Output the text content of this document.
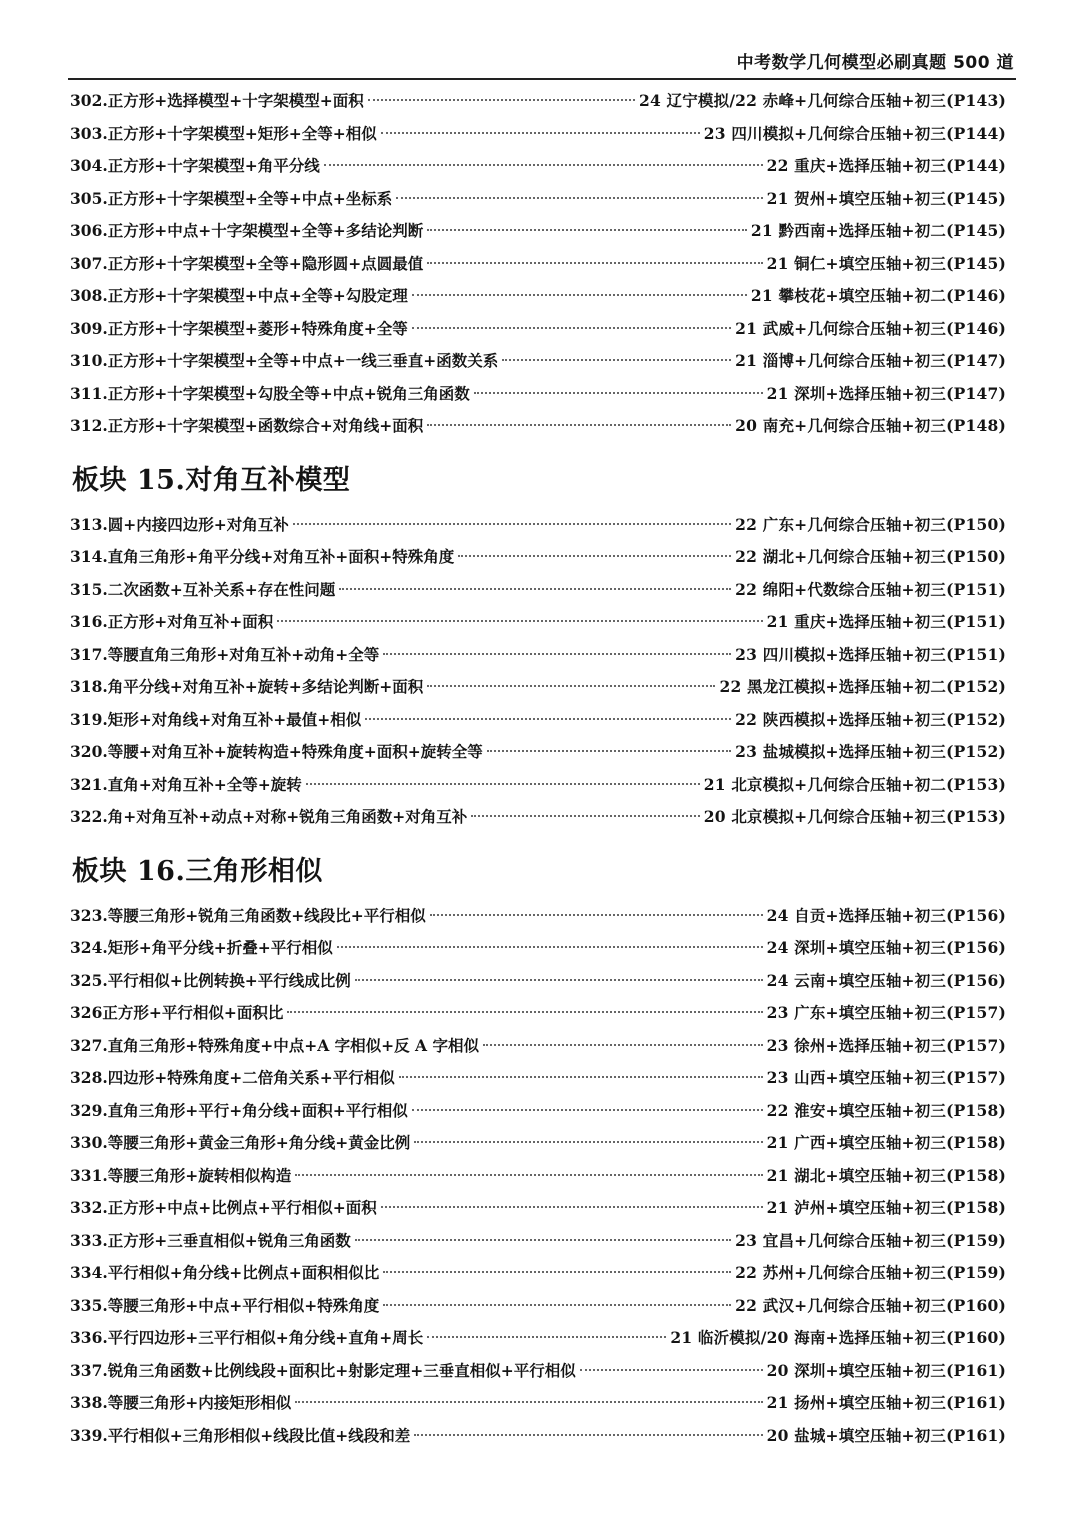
中考数学几何模型必刷真题 500 道
302. 正方形+选择模型+十字架模型+面积	24 辽宁模拟/22 赤峰+几何综合压轴+初三(P143)
303. 正方形+十字架模型+矩形+全等+相似	23 四川模拟+几何综合压轴+初三(P144)
304. 正方形+十字架模型+角平分线	22 重庆+选择压轴+初三(P144)
305. 正方形+十字架模型+全等+中点+坐标系	21 贺州+填空压轴+初三(P145)
306. 正方形+中点+十字架模型+全等+多结论判断	21 黔西南+选择压轴+初二(P145)
307. 正方形+十字架模型+全等+隐形圆+点圆最值	21 铜仁+填空压轴+初三(P145)
308. 正方形+十字架模型+中点+全等+勾股定理	21 攀枝花+填空压轴+初二(P146)
309. 正方形+十字架模型+菱形+特殊角度+全等	21 武威+几何综合压轴+初三(P146)
310. 正方形+十字架模型+全等+中点+一线三垂直+函数关系	21 淄博+几何综合压轴+初三(P147)
311. 正方形+十字架模型+勾股全等+中点+锐角三角函数	21 深圳+选择压轴+初三(P147)
312. 正方形+十字架模型+函数综合+对角线+面积	20 南充+几何综合压轴+初三(P148)
板块 15.对角互补模型
313. 圆+内接四边形+对角互补	22 广东+几何综合压轴+初三(P150)
314. 直角三角形+角平分线+对角互补+面积+特殊角度	22 湖北+几何综合压轴+初三(P150)
315. 二次函数+互补关系+存在性问题	22 绵阳+代数综合压轴+初三(P151)
316. 正方形+对角互补+面积	21 重庆+选择压轴+初三(P151)
317. 等腰直角三角形+对角互补+动角+全等	23 四川模拟+选择压轴+初三(P151)
318. 角平分线+对角互补+旋转+多结论判断+面积	22 黑龙江模拟+选择压轴+初二(P152)
319. 矩形+对角线+对角互补+最值+相似	22 陕西模拟+选择压轴+初三(P152)
320. 等腰+对角互补+旋转构造+特殊角度+面积+旋转全等	23 盐城模拟+选择压轴+初三(P152)
321. 直角+对角互补+全等+旋转	21 北京模拟+几何综合压轴+初二(P153)
322. 角+对角互补+动点+对称+锐角三角函数+对角互补	20 北京模拟+几何综合压轴+初三(P153)
板块 16.三角形相似
323. 等腰三角形+锐角三角函数+线段比+平行相似	24 自贡+选择压轴+初三(P156)
324. 矩形+角平分线+折叠+平行相似	24 深圳+填空压轴+初三(P156)
325. 平行相似+比例转换+平行线成比例	24 云南+填空压轴+初三(P156)
326 正方形+平行相似+面积比	23 广东+填空压轴+初三(P157)
327. 直角三角形+特殊角度+中点+A 字相似+反 A 字相似	23 徐州+选择压轴+初三(P157)
328. 四边形+特殊角度+二倍角关系+平行相似	23 山西+填空压轴+初三(P157)
329. 直角三角形+平行+角分线+面积+平行相似	22 淮安+填空压轴+初三(P158)
330. 等腰三角形+黄金三角形+角分线+黄金比例	21 广西+填空压轴+初三(P158)
331. 等腰三角形+旋转相似构造	21 湖北+填空压轴+初三(P158)
332. 正方形+中点+比例点+平行相似+面积	21 泸州+填空压轴+初三(P158)
333. 正方形+三垂直相似+锐角三角函数	23 宜昌+几何综合压轴+初三(P159)
334. 平行相似+角分线+比例点+面积相似比	22 苏州+几何综合压轴+初三(P159)
335. 等腰三角形+中点+平行相似+特殊角度	22 武汉+几何综合压轴+初三(P160)
336. 平行四边形+三平行相似+角分线+直角+周长	21 临沂模拟/20 海南+选择压轴+初三(P160)
337. 锐角三角函数+比例线段+面积比+射影定理+三垂直相似+平行相似	20 深圳+填空压轴+初三(P161)
338. 等腰三角形+内接矩形相似	21 扬州+填空压轴+初三(P161)
339. 平行相似+三角形相似+线段比值+线段和差	20 盐城+填空压轴+初三(P161)
